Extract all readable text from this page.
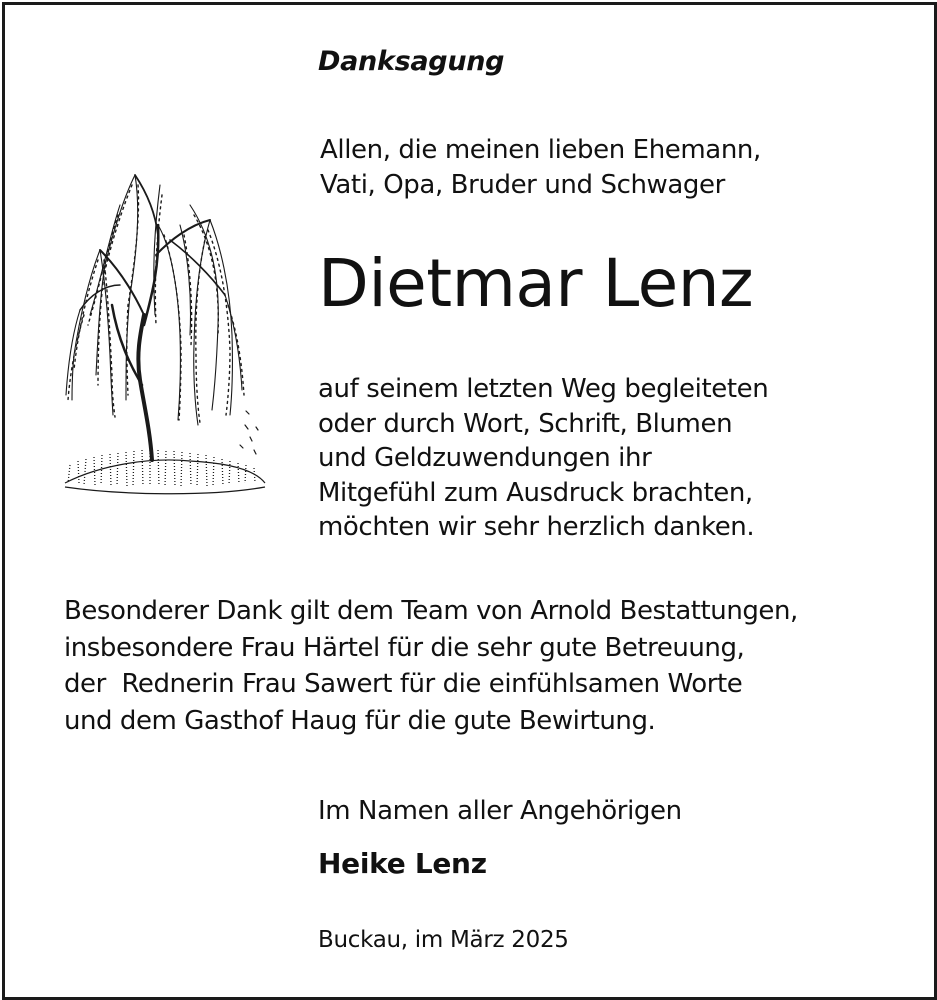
Danksagung

Allen, die meinen lieben Ehemann,
Vati, Opa, Bruder und Schwager

Dietmar Lenz

auf seinem letzten Weg begleiteten
oder durch Wort, Schrift, Blumen
und Geldzuwendungen ihr
Mitgefühl zum Ausdruck brachten,
möchten wir sehr herzlich danken.

Besonderer Dank gilt dem Team von Arnold Bestattungen,
insbesondere Frau Härtel für die sehr gute Betreuung,
der  Rednerin Frau Sawert für die einfühlsamen Worte
und dem Gasthof Haug für die gute Bewirtung.

Im Namen aller Angehörigen

Heike Lenz

Buckau, im März 2025
